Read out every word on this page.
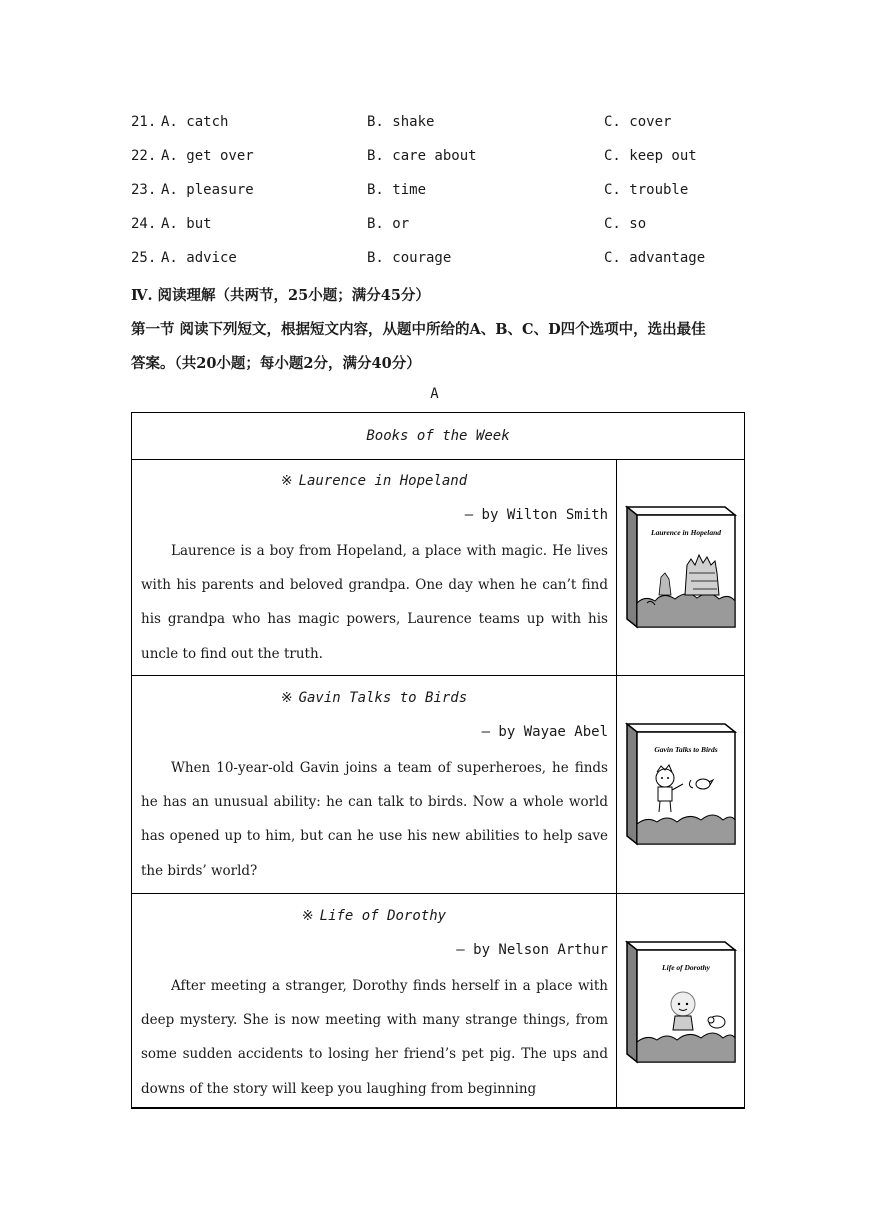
21. A. catch	B. shake	C. cover
22. A. get over	B. care about	C. keep out
23. A. pleasure	B. time	C. trouble
24. A. but	B. or	C. so
25. A. advice	B. courage	C. advantage
Ⅳ. 阅读理解（共两节，25小题；满分45分）
第一节 阅读下列短文，根据短文内容，从题中所给的A、B、C、D四个选项中，选出最佳
答案。（共20小题；每小题2分，满分40分）
A
Books of the Week
※ Laurence in Hopeland
— by Wilton Smith
Laurence is a boy from Hopeland, a place with magic. He lives with his parents and beloved grandpa. One day when he can’t find his grandpa who has magic powers, Laurence teams up with his uncle to find out the truth.
Laurence in Hopeland
※ Gavin Talks to Birds
— by Wayae Abel
When 10-year-old Gavin joins a team of superheroes, he finds he has an unusual ability: he can talk to birds. Now a whole world has opened up to him, but can he use his new abilities to help save the birds’ world?
Gavin Talks to Birds
※ Life of Dorothy
— by Nelson Arthur
After meeting a stranger, Dorothy finds herself in a place with deep mystery. She is now meeting with many strange things, from some sudden accidents to losing her friend’s pet pig. The ups and downs of the story will keep you laughing from beginning
Life of Dorothy
